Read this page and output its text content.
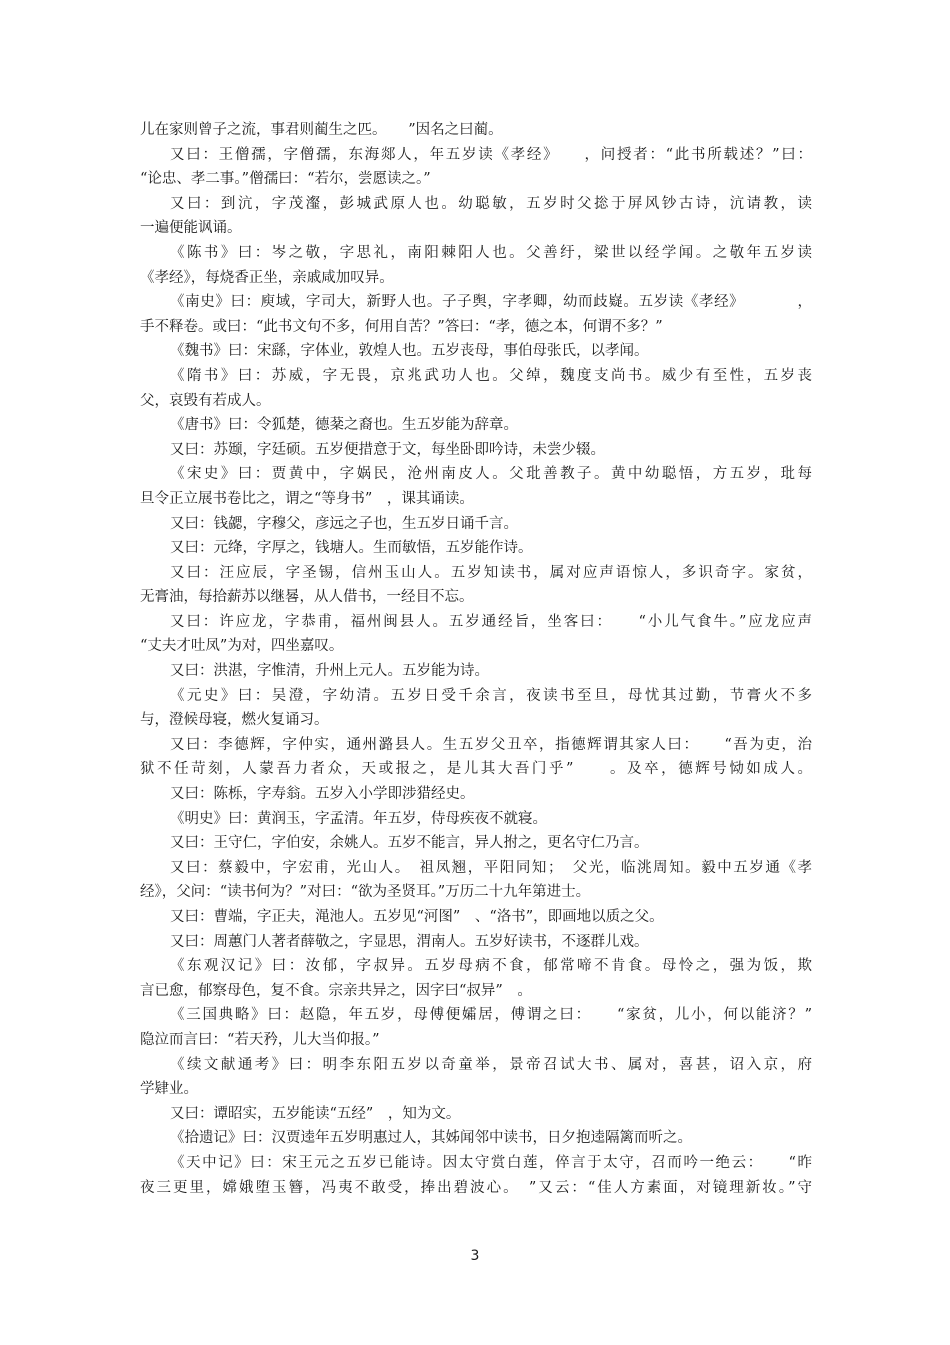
儿在家则曾子之流，事君则蔺生之匹。　　”因名之曰蔺。
又曰：王僧孺，字僧孺，东海郯人，年五岁读《孝经》　　，问授者：“此书所载述？”曰：
“论忠、孝二事。”僧孺曰：“若尔，尝愿读之。”
又曰：到沆，字茂瀣，彭城武原人也。幼聪敏，五岁时父捴于屏风钞古诗，沆请教，读
一遍便能讽诵。
《陈书》曰：岑之敬，字思礼，南阳棘阳人也。父善纡，梁世以经学闻。之敬年五岁读
《孝经》，每烧香正坐，亲戚咸加叹异。
《南史》曰：庾域，字司大，新野人也。子子舆，字孝卿，幼而歧嶷。五岁读《孝经》　　　　，
手不释卷。或曰：“此书文句不多，何用自苦？”答曰：“孝，德之本，何谓不多？”
《魏书》曰：宋繇，字体业，敦煌人也。五岁丧母，事伯母张氏，以孝闻。
《隋书》曰：苏威，字无畏，京兆武功人也。父绰，魏度支尚书。威少有至性，五岁丧
父，哀毁有若成人。
《唐书》曰：令狐楚，德棻之裔也。生五岁能为辞章。
又曰：苏颋，字廷硕。五岁便措意于文，每坐卧即吟诗，未尝少辍。
《宋史》曰：贾黄中，字娲民，沧州南皮人。父玭善教子。黄中幼聪悟，方五岁，玭每
旦令正立展书卷比之，谓之“等身书”　，课其诵读。
又曰：钱勰，字穆父，彦远之子也，生五岁日诵千言。
又曰：元绛，字厚之，钱塘人。生而敏悟，五岁能作诗。
又曰：汪应辰，字圣锡，信州玉山人。五岁知读书，属对应声语惊人，多识奇字。家贫，
无膏油，每拾薪苏以继晷，从人借书，一经目不忘。
又曰：许应龙，字恭甫，福州闽县人。五岁通经旨，坐客曰：　　“小儿气食牛。”应龙应声
“丈夫才吐凤”为对，四坐嘉叹。
又曰：洪湛，字惟清，升州上元人。五岁能为诗。
《元史》曰：吴澄，字幼清。五岁日受千余言，夜读书至旦，母忧其过勤，节膏火不多
与，澄候母寝，燃火复诵习。
又曰：李德辉，字仲实，通州潞县人。生五岁父丑卒，指德辉谓其家人曰：　　“吾为吏，治
狱不任苛刻，人蒙吾力者众，天或报之，是儿其大吾门乎”　　。及卒，德辉号恸如成人。
又曰：陈栎，字寿翁。五岁入小学即涉猎经史。
《明史》曰：黄润玉，字孟清。年五岁，侍母疾夜不就寝。
又曰：王守仁，字伯安，余姚人。五岁不能言，异人拊之，更名守仁乃言。
又曰：蔡毅中，字宏甫，光山人。　祖凤翘，平阳同知；　父光，临洮周知。毅中五岁通《孝
经》，父问：“读书何为？”对曰：“欲为圣贤耳。”万历二十九年第进士。
又曰：曹端，字正夫，渑池人。五岁见“河图”　、“洛书”，即画地以质之父。
又曰：周蕙门人著者薛敬之，字显思，渭南人。五岁好读书，不逐群儿戏。
《东观汉记》曰：汝郁，字叔异。五岁母病不食，郁常啼不肯食。母怜之，强为饭，欺
言已愈，郁察母色，复不食。宗亲共异之，因字曰“叔异”　。
《三国典略》曰：赵隐，年五岁，母傅便孀居，傅谓之曰：　　“家贫，儿小，何以能济？”
隐泣而言曰：“若天矜，儿大当仰报。”
《续文献通考》曰：明李东阳五岁以奇童举，景帝召试大书、属对，喜甚，诏入京，府
学肄业。
又曰：谭昭实，五岁能读“五经”　，知为文。
《拾遗记》曰：汉贾逵年五岁明惠过人，其姊闻邻中读书，日夕抱逵隔篱而听之。
《天中记》曰：宋王元之五岁已能诗。因太守赏白莲，倅言于太守，召而吟一绝云：　　“昨
夜三更里，嫦娥堕玉簪，冯夷不敢受，捧出碧波心。　”又云：“佳人方素面，对镜理新妆。”守
3
